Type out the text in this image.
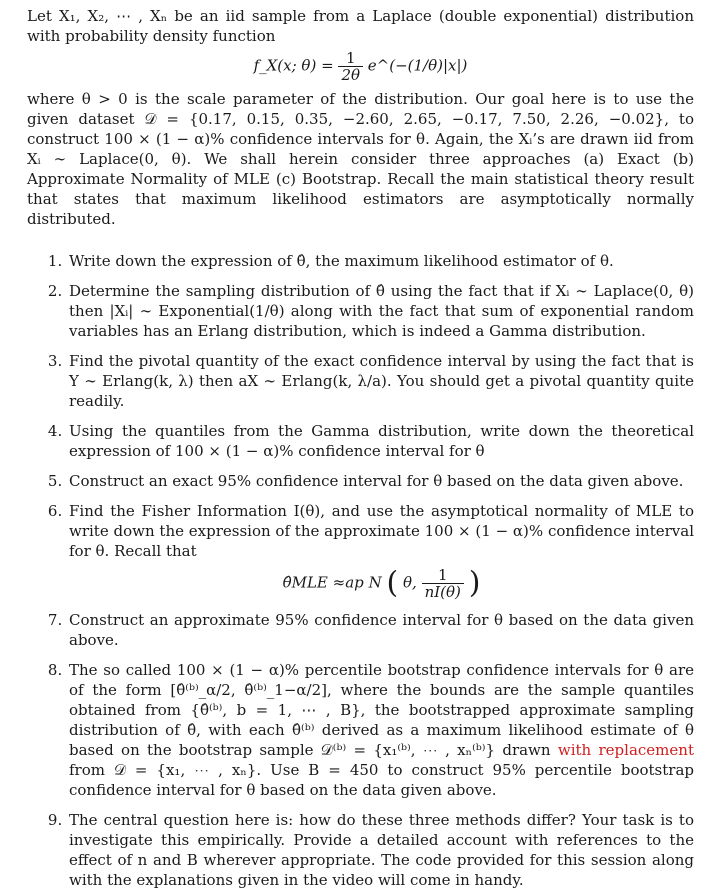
Let X₁, X₂, ⋯ , Xₙ be an iid sample from a Laplace (double exponential) distribution with probability density function

f_X(x; $\theta) = \frac{1}{2\theta}$ e^(−(1/θ)|x|)

where θ > 0 is the scale parameter of the distribution. Our goal here is to use the given dataset 𝒟 = {0.17, 0.15, 0.35, −2.60, 2.65, −0.17, 7.50, 2.26, −0.02}, to construct 100 × (1 − α)% confidence intervals for θ. Again, the Xᵢ’s are drawn iid from Xᵢ ∼ Laplace(0, θ). We shall herein consider three approaches (a) Exact (b) Approximate Normality of MLE (c) Bootstrap. Recall the main statistical theory result that states that maximum likelihood estimators are asymptotically normally distributed.

1. Write down the expression of θ̂, the maximum likelihood estimator of θ.
2. Determine the sampling distribution of θ̂ using the fact that if Xᵢ ∼ Laplace(0, θ) then |Xᵢ| ∼ Exponential(1/θ) along with the fact that sum of exponential random variables has an Erlang distribution, which is indeed a Gamma distribution.
3. Find the pivotal quantity of the exact confidence interval by using the fact that is Y ∼ Erlang(k, λ) then aX ∼ Erlang(k, λ/a). You should get a pivotal quantity quite readily.
4. Using the quantiles from the Gamma distribution, write down the theoretical expression of 100 × (1 − α)% confidence interval for θ
5. Construct an exact 95% confidence interval for θ based on the data given above.
6. Find the Fisher Information I(θ), and use the asymptotical normality of MLE to write down the expression of the approximate 100 × (1 − α)% confidence interval for θ. Recall that
θ̂MLE ≈ap N ( θ, $\frac{1}{nI(\theta)}$ )
7. Construct an approximate 95% confidence interval for θ based on the data given above.
8. The so called 100 × (1 − α)% percentile bootstrap confidence intervals for θ are of the form [θ̂⁽ᵇ⁾_α/2, θ̂⁽ᵇ⁾_1−α/2], where the bounds are the sample quantiles obtained from {θ̂⁽ᵇ⁾, b = 1, ⋯ , B}, the bootstrapped approximate sampling distribution of θ̂, with each θ̂⁽ᵇ⁾ derived as a maximum likelihood estimate of θ based on the bootstrap sample 𝒟⁽ᵇ⁾ = {x₁⁽ᵇ⁾, ⋯ , xₙ⁽ᵇ⁾} drawn with replacement from 𝒟 = {x₁, ⋯ , xₙ}. Use B = 450 to construct 95% percentile bootstrap confidence interval for θ based on the data given above.
9. The central question here is: how do these three methods differ? Your task is to investigate this empirically. Provide a detailed account with references to the effect of n and B wherever appropriate. The code provided for this session along with the explanations given in the video will come in handy.
